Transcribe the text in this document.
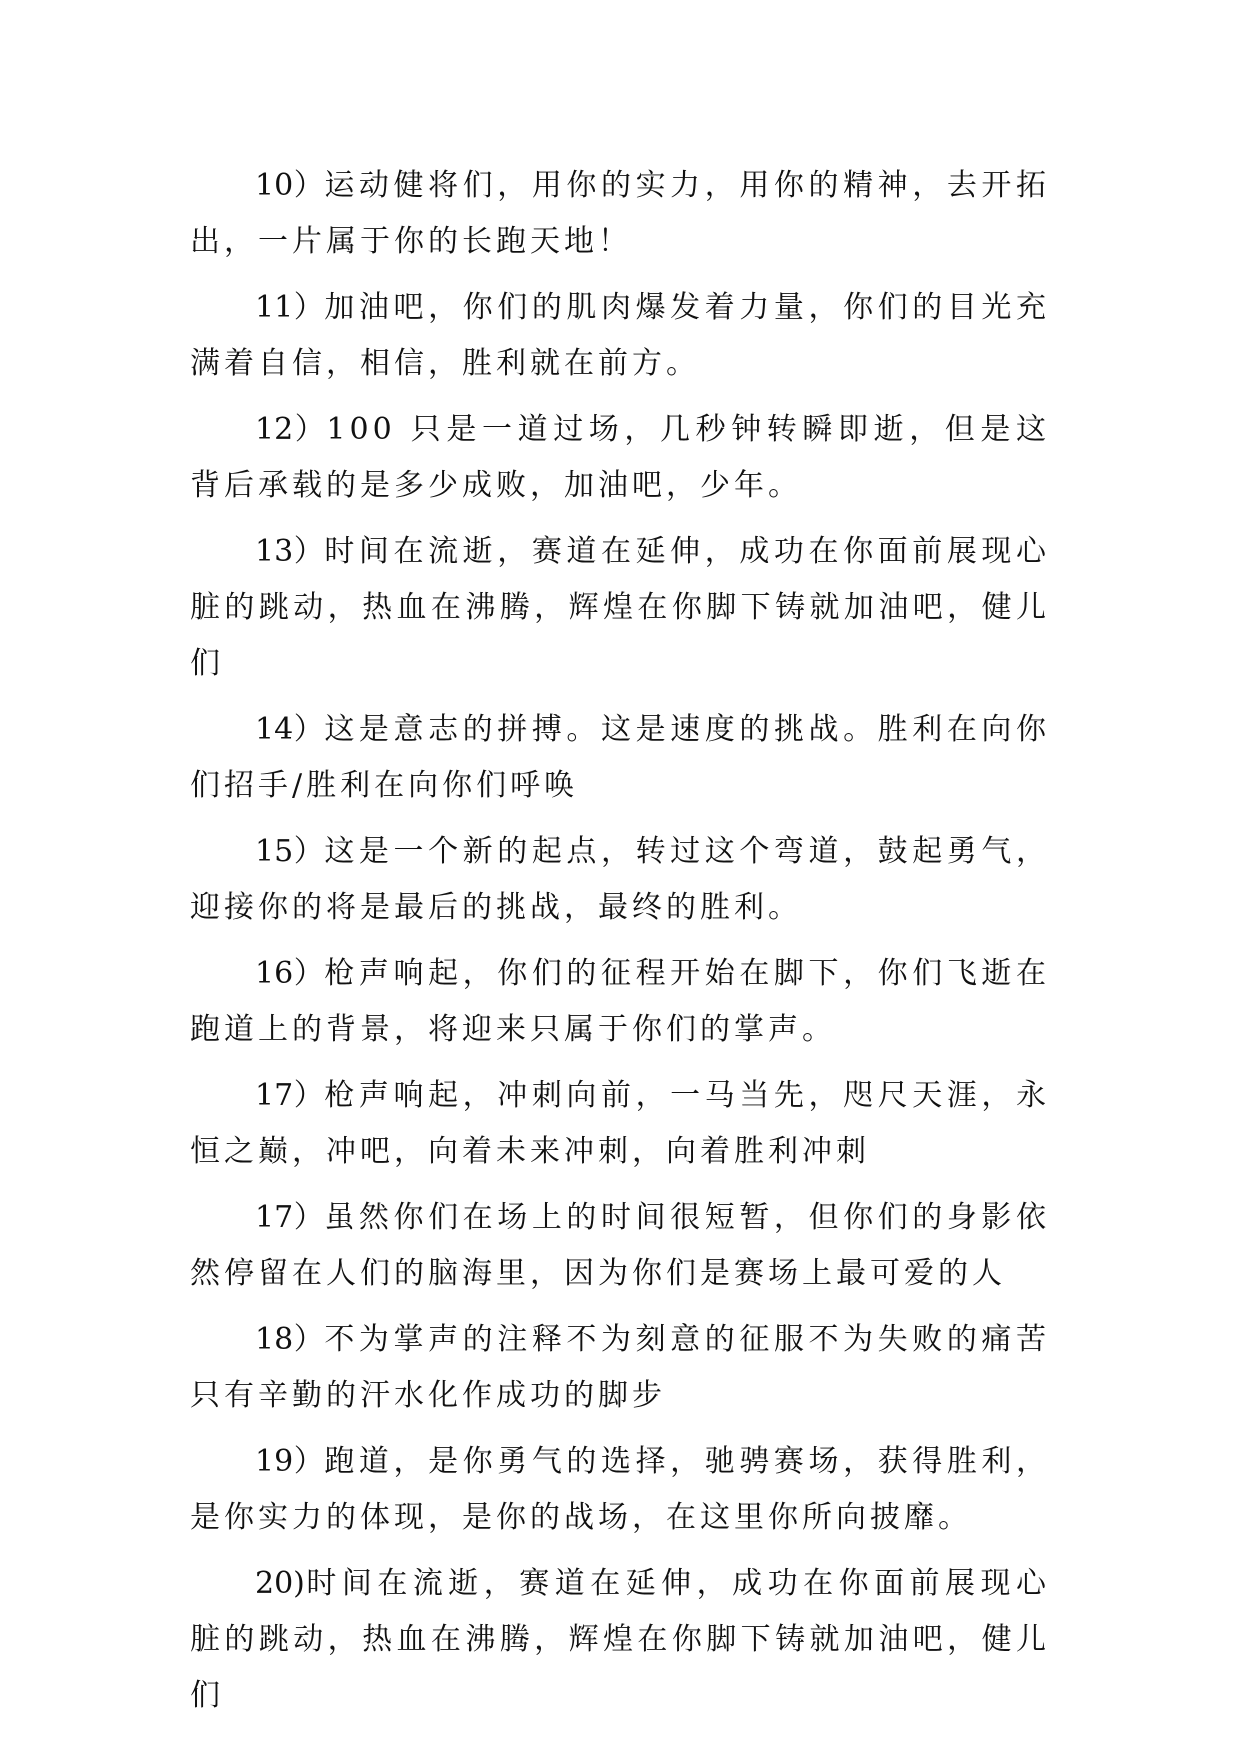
10）运动健将们，用你的实力，用你的精神，去开拓出，一片属于你的长跑天地！

11）加油吧，你们的肌肉爆发着力量，你们的目光充满着自信，相信，胜利就在前方。

12）100 只是一道过场，几秒钟转瞬即逝，但是这背后承载的是多少成败，加油吧，少年。

13）时间在流逝，赛道在延伸，成功在你面前展现心脏的跳动，热血在沸腾，辉煌在你脚下铸就加油吧，健儿们

14）这是意志的拼搏。这是速度的挑战。胜利在向你们招手/胜利在向你们呼唤

15）这是一个新的起点，转过这个弯道，鼓起勇气，迎接你的将是最后的挑战，最终的胜利。

16）枪声响起，你们的征程开始在脚下，你们飞逝在跑道上的背景，将迎来只属于你们的掌声。

17）枪声响起，冲刺向前，一马当先，咫尺天涯，永恒之巅，冲吧，向着未来冲刺，向着胜利冲刺

17）虽然你们在场上的时间很短暂，但你们的身影依然停留在人们的脑海里，因为你们是赛场上最可爱的人

18）不为掌声的注释不为刻意的征服不为失败的痛苦只有辛勤的汗水化作成功的脚步

19）跑道，是你勇气的选择，驰骋赛场，获得胜利，是你实力的体现，是你的战场，在这里你所向披靡。

20)时间在流逝，赛道在延伸，成功在你面前展现心脏的跳动，热血在沸腾，辉煌在你脚下铸就加油吧，健儿们
